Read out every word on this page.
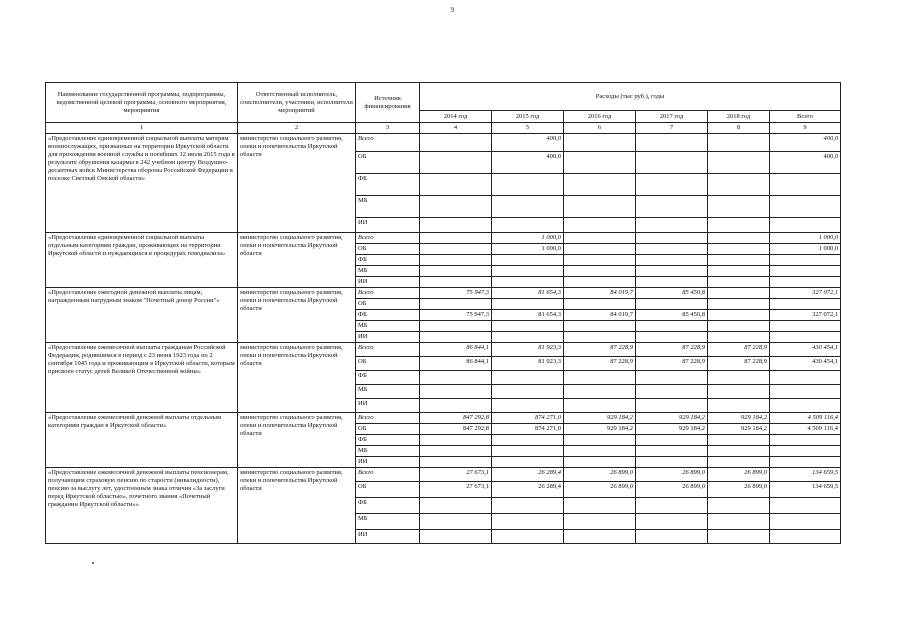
9
Наименование государственной программы, подпрограммы, ведомственной целевой программы, основного мероприятия, мероприятия	Ответственный исполнитель, соисполнители, участники, исполнители мероприятий	Источник финансирования	Расходы (тыс руб.), годы					
			2014 год	2015 год	2016 год	2017 год	2018 год	Всего
1	2	3	4	5	6	7	8	9
«Предоставление единовременной социальной выплаты матерям военнослужащих, призванных на территории Иркутской области для прохождения военной службы и погибших 12 июля 2015 года в результате обрушения казармы в 242 учебном центру Воздушно-десантных войск Министерства обороны Российской Федерации в поселке Светлый Омской области»	министерство социального развития, опеки и попечительства Иркутской области	Всего		400,0				400,0
		ОБ		400,0				400,0
		ФБ						
		МБ						
		ИИ						
«Предоставление единовременной социальной выплаты отдельным категориям граждан, проживающих на территории Иркутской области и нуждающихся в процедурах гемодиализа»	министерство социального развития, опеки и попечительства Иркутской области	Всего		1 000,0				1 000,0
		ОБ		1 000,0				1 000,0
		ФБ						
		МБ						
		ИИ						
«Предоставление ежегодной денежной выплаты лицам, награжденным нагрудным знаком "Почетный донор России"»	министерство социального развития, опеки и попечительства Иркутской области	Всего	75 947,3	81 654,3	84 019,7	85 450,8		327 072,1
		ОБ						
		ФБ	75 947,3	81 654,3	84 019,7	85 450,8		327 072,1
		МБ						
		ИИ						
«Предоставление ежемесячной выплаты гражданам Российской Федерации, родившимся в период с 23 июня 1923 года по 2 сентября 1945 года и проживающим в Иркутской области, которым присвоен статус детей Великой Отечественной войны»	министерство социального развития, опеки и попечительства Иркутской области	Всего	86 844,1	81 923,3	87 228,9	87 228,9	87 228,9	430 454,1
		ОБ	86 844,1	81 923,3	87 228,9	87 228,9	87 228,9	430 454,1
		ФБ						
		МБ						
		ИИ						
«Предоставление ежемесячной денежной выплаты отдельным категориям граждан в Иркутской области»	министерство социального развития, опеки и попечительства Иркутской области	Всего	847 292,8	874 271,0	929 184,2	929 184,2	929 184,2	4 509 116,4
		ОБ	847 292,8	874 271,0	929 184,2	929 184,2	929 184,2	4 509 116,4
		ФБ						
		МБ						
		ИИ						
«Предоставление ежемесячной денежной выплаты пенсионерам, получающим страховую пенсию по старости (инвалидности), пенсию за выслугу лет, удостоенным знака отличия «За заслуги перед Иркутской областью», почетного звания «Почетный гражданин Иркутской области»»	министерство социального развития, опеки и попечительства Иркутской области	Всего	27 673,1	26 289,4	26 899,0	26 899,0	26 899,0	134 659,5
		ОБ	27 673,1	26 289,4	26 899,0	26 899,0	26 899,0	134 659,5
		ФБ						
		МБ						
		ИИ						
